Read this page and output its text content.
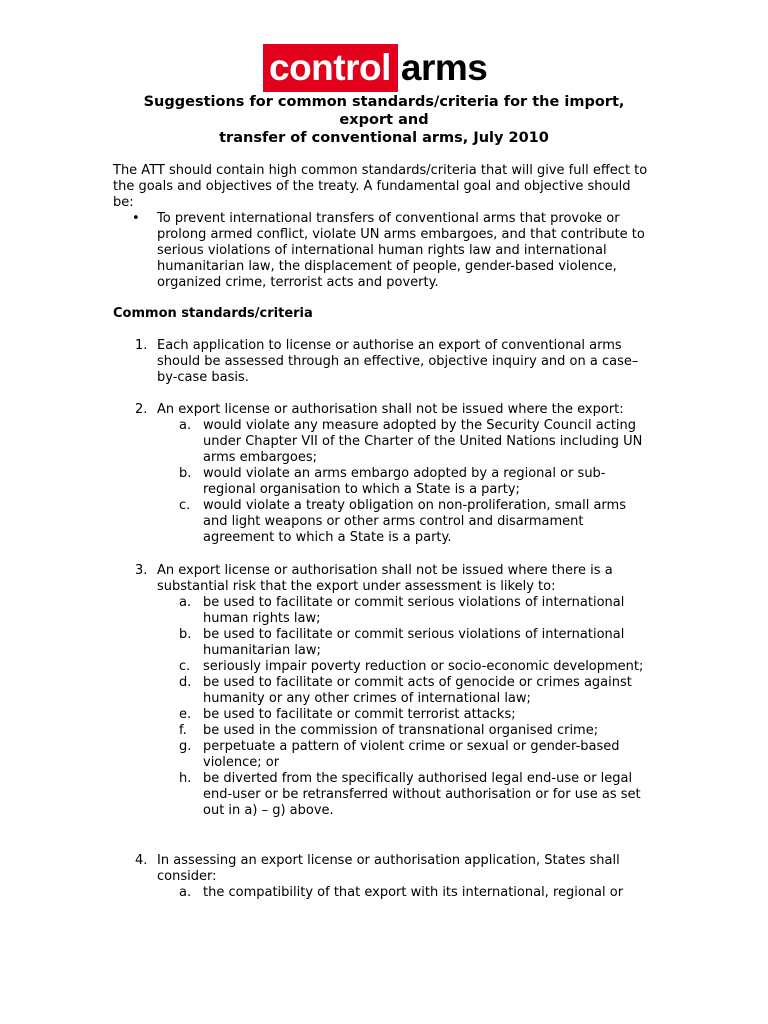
control arms
Suggestions for common standards/criteria for the import,
export and
transfer of conventional arms, July 2010

The ATT should contain high common standards/criteria that will give full effect to the goals and objectives of the treaty. A fundamental goal and objective should be:

• To prevent international transfers of conventional arms that provoke or prolong armed conflict, violate UN arms embargoes, and that contribute to serious violations of international human rights law and international humanitarian law, the displacement of people, gender-based violence, organized crime, terrorist acts and poverty.
Common standards/criteria
1. Each application to license or authorise an export of conventional arms should be assessed through an effective, objective inquiry and on a case–by-case basis.
2. An export license or authorisation shall not be issued where the export:
a. would violate any measure adopted by the Security Council acting under Chapter VII of the Charter of the United Nations including UN arms embargoes;
b. would violate an arms embargo adopted by a regional or sub-regional organisation to which a State is a party;
c. would violate a treaty obligation on non-proliferation, small arms and light weapons or other arms control and disarmament agreement to which a State is a party.
3. An export license or authorisation shall not be issued where there is a substantial risk that the export under assessment is likely to:
a. be used to facilitate or commit serious violations of international human rights law;
b. be used to facilitate or commit serious violations of international humanitarian law;
c. seriously impair poverty reduction or socio-economic development;
d. be used to facilitate or commit acts of genocide or crimes against humanity or any other crimes of international law;
e. be used to facilitate or commit terrorist attacks;
f. be used in the commission of transnational organised crime;
g. perpetuate a pattern of violent crime or sexual or gender-based violence; or
h. be diverted from the specifically authorised legal end-use or legal end-user or be retransferred without authorisation or for use as set out in a) – g) above.
4. In assessing an export license or authorisation application, States shall consider:
a. the compatibility of that export with its international, regional or
